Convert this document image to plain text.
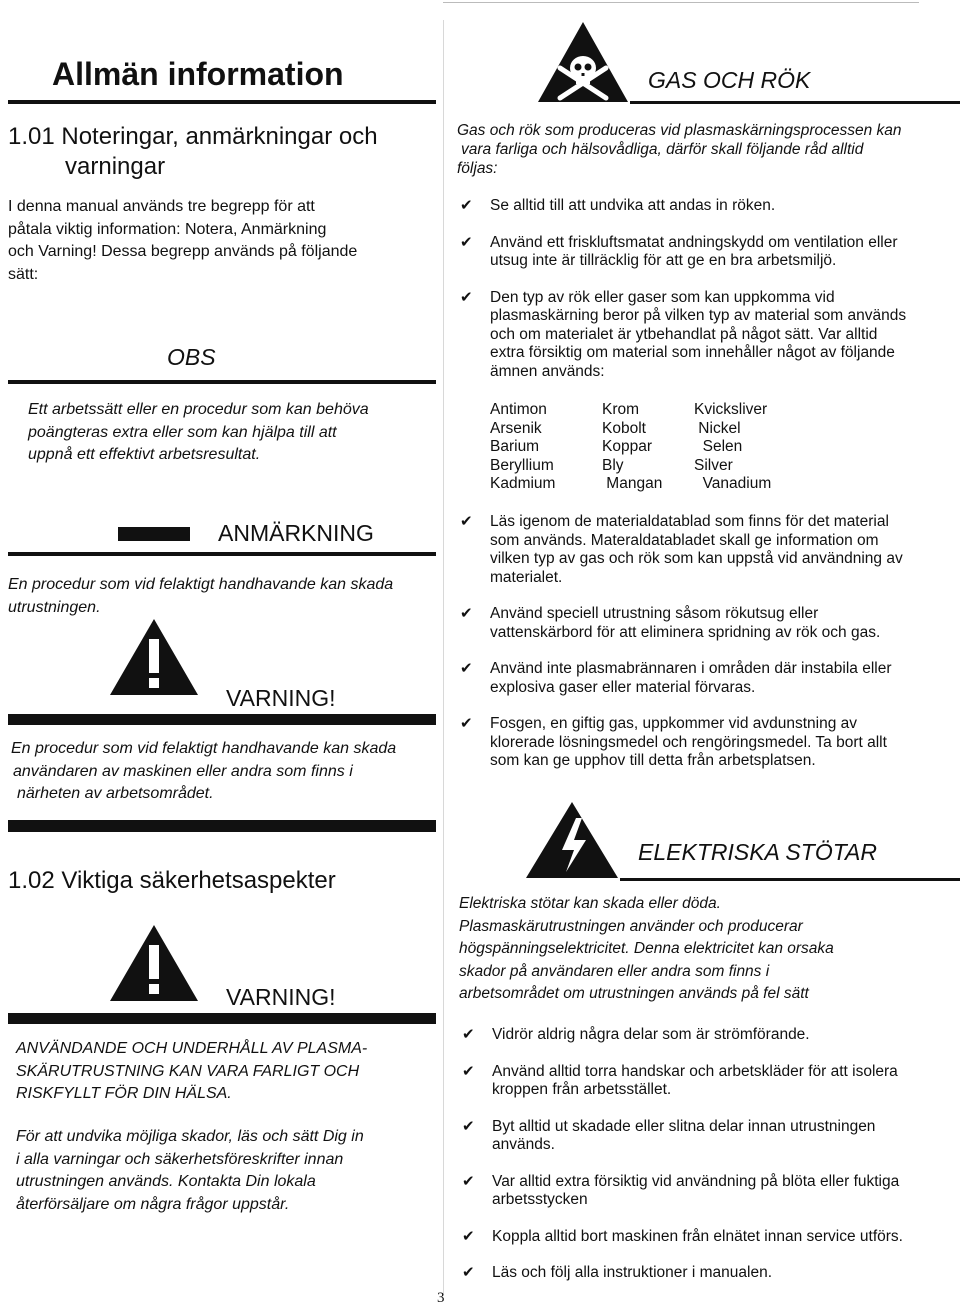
Allmän information
1.01 Noteringar, anmärkningar och
varningar
I denna manual används tre begrepp för att
påtala viktig information: Notera, Anmärkning
och Varning! Dessa begrepp används på följande
sätt:
OBS
Ett arbetssätt eller en procedur som kan behöva
poängteras extra eller som kan hjälpa till att
uppnå ett effektivt arbetsresultat.
ANMÄRKNING
En procedur som vid felaktigt handhavande kan skada
utrustningen.
VARNING!
En procedur som vid felaktigt handhavande kan skada
användaren av maskinen eller andra som finns i
närheten av arbetsområdet.
1.02 Viktiga säkerhetsaspekter
VARNING!
ANVÄNDANDE OCH UNDERHÅLL AV PLASMA-
SKÄRUTRUSTNING KAN VARA FARLIGT OCH
RISKFYLLT FÖR DIN HÄLSA.
För att undvika möjliga skador, läs och sätt Dig in
i alla varningar och säkerhetsföreskrifter innan
utrustningen används. Kontakta Din lokala
återförsäljare om några frågor uppstår.
GAS OCH RÖK
Gas och rök som produceras vid plasmaskärningsprocessen kan
vara farliga och hälsovådliga, därför skall följande råd alltid
följas:
✔ Se alltid till att undvika att andas in röken.
✔ Använd ett friskluftsmatat andningskydd om ventilation eller
utsug inte är tillräcklig för att ge en bra arbetsmiljö.
✔ Den typ av rök eller gaser som kan uppkomma vid
plasmaskärning beror på vilken typ av material som används
och om materialet är ytbehandlat på något sätt. Var alltid
extra försiktig om material som innehåller något av följande
ämnen används:
Antimon	Krom	Kvicksliver
Arsenik	Kobolt	Nickel
Barium	Koppar	Selen
Beryllium	Bly	Silver
Kadmium	Mangan	Vanadium
✔ Läs igenom de materialdatablad som finns för det material
som används. Materaldatabladet skall ge information om
vilken typ av gas och rök som kan uppstå vid användning av
materialet.
✔ Använd speciell utrustning såsom rökutsug eller
vattenskärbord för att eliminera spridning av rök och gas.
✔ Använd inte plasmabrännaren i områden där instabila eller
explosiva gaser eller material förvaras.
✔ Fosgen, en giftig gas, uppkommer vid avdunstning av
klorerade lösningsmedel och rengöringsmedel. Ta bort allt
som kan ge upphov till detta från arbetsplatsen.
ELEKTRISKA STÖTAR
Elektriska stötar kan skada eller döda.
Plasmaskärutrustningen använder och producerar
högspänningselektricitet. Denna elektricitet kan orsaka
skador på användaren eller andra som finns i
arbetsområdet om utrustningen används på fel sätt
✔ Vidrör aldrig några delar som är strömförande.
✔ Använd alltid torra handskar och arbetskläder för att isolera
kroppen från arbetsstället.
✔ Byt alltid ut skadade eller slitna delar innan utrustningen
används.
✔ Var alltid extra försiktig vid användning på blöta eller fuktiga
arbetsstycken
✔ Koppla alltid bort maskinen från elnätet innan service utförs.
✔ Läs och följ alla instruktioner i manualen.
3
